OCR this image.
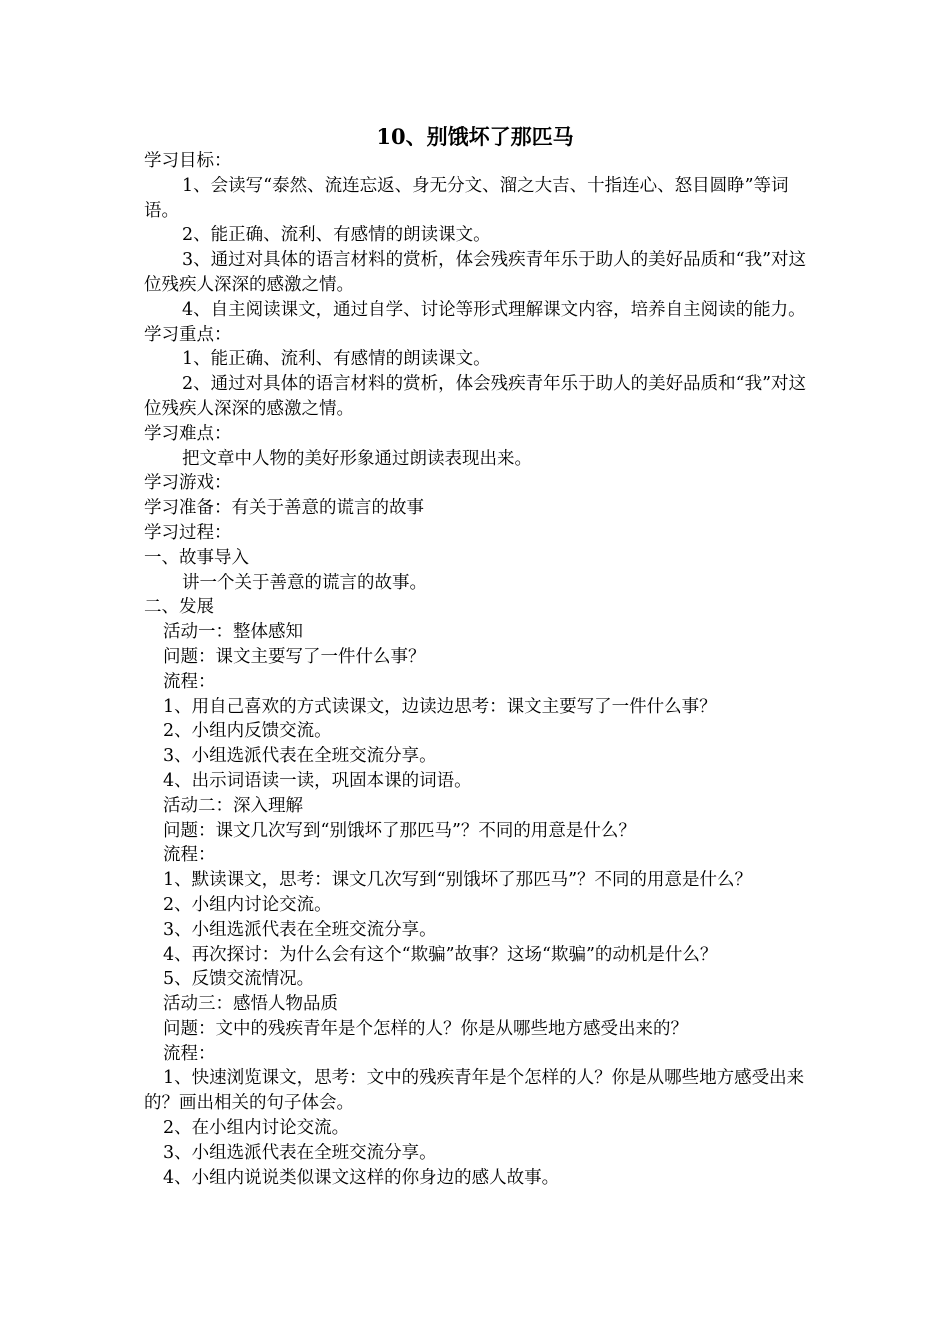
10、别饿坏了那匹马

学习目标：

1、会读写“泰然、流连忘返、身无分文、溜之大吉、十指连心、怒目圆睁”等词语。

2、能正确、流利、有感情的朗读课文。

3、通过对具体的语言材料的赏析，体会残疾青年乐于助人的美好品质和“我”对这位残疾人深深的感激之情。

4、自主阅读课文，通过自学、讨论等形式理解课文内容，培养自主阅读的能力。

学习重点：

1、能正确、流利、有感情的朗读课文。

2、通过对具体的语言材料的赏析，体会残疾青年乐于助人的美好品质和“我”对这位残疾人深深的感激之情。

学习难点：

把文章中人物的美好形象通过朗读表现出来。

学习游戏：

学习准备：有关于善意的谎言的故事

学习过程：

一、故事导入

讲一个关于善意的谎言的故事。

二、发展

活动一：整体感知

问题：课文主要写了一件什么事？

流程：

1、用自己喜欢的方式读课文，边读边思考：课文主要写了一件什么事？

2、小组内反馈交流。

3、小组选派代表在全班交流分享。

4、出示词语读一读，巩固本课的词语。

活动二：深入理解

问题：课文几次写到“别饿坏了那匹马”？不同的用意是什么？

流程：

1、默读课文，思考：课文几次写到“别饿坏了那匹马”？不同的用意是什么？

2、小组内讨论交流。

3、小组选派代表在全班交流分享。

4、再次探讨：为什么会有这个“欺骗”故事？这场“欺骗”的动机是什么？

5、反馈交流情况。

活动三：感悟人物品质

问题：文中的残疾青年是个怎样的人？你是从哪些地方感受出来的？

流程：

1、快速浏览课文，思考：文中的残疾青年是个怎样的人？你是从哪些地方感受出来的？画出相关的句子体会。

2、在小组内讨论交流。

3、小组选派代表在全班交流分享。

4、小组内说说类似课文这样的你身边的感人故事。
